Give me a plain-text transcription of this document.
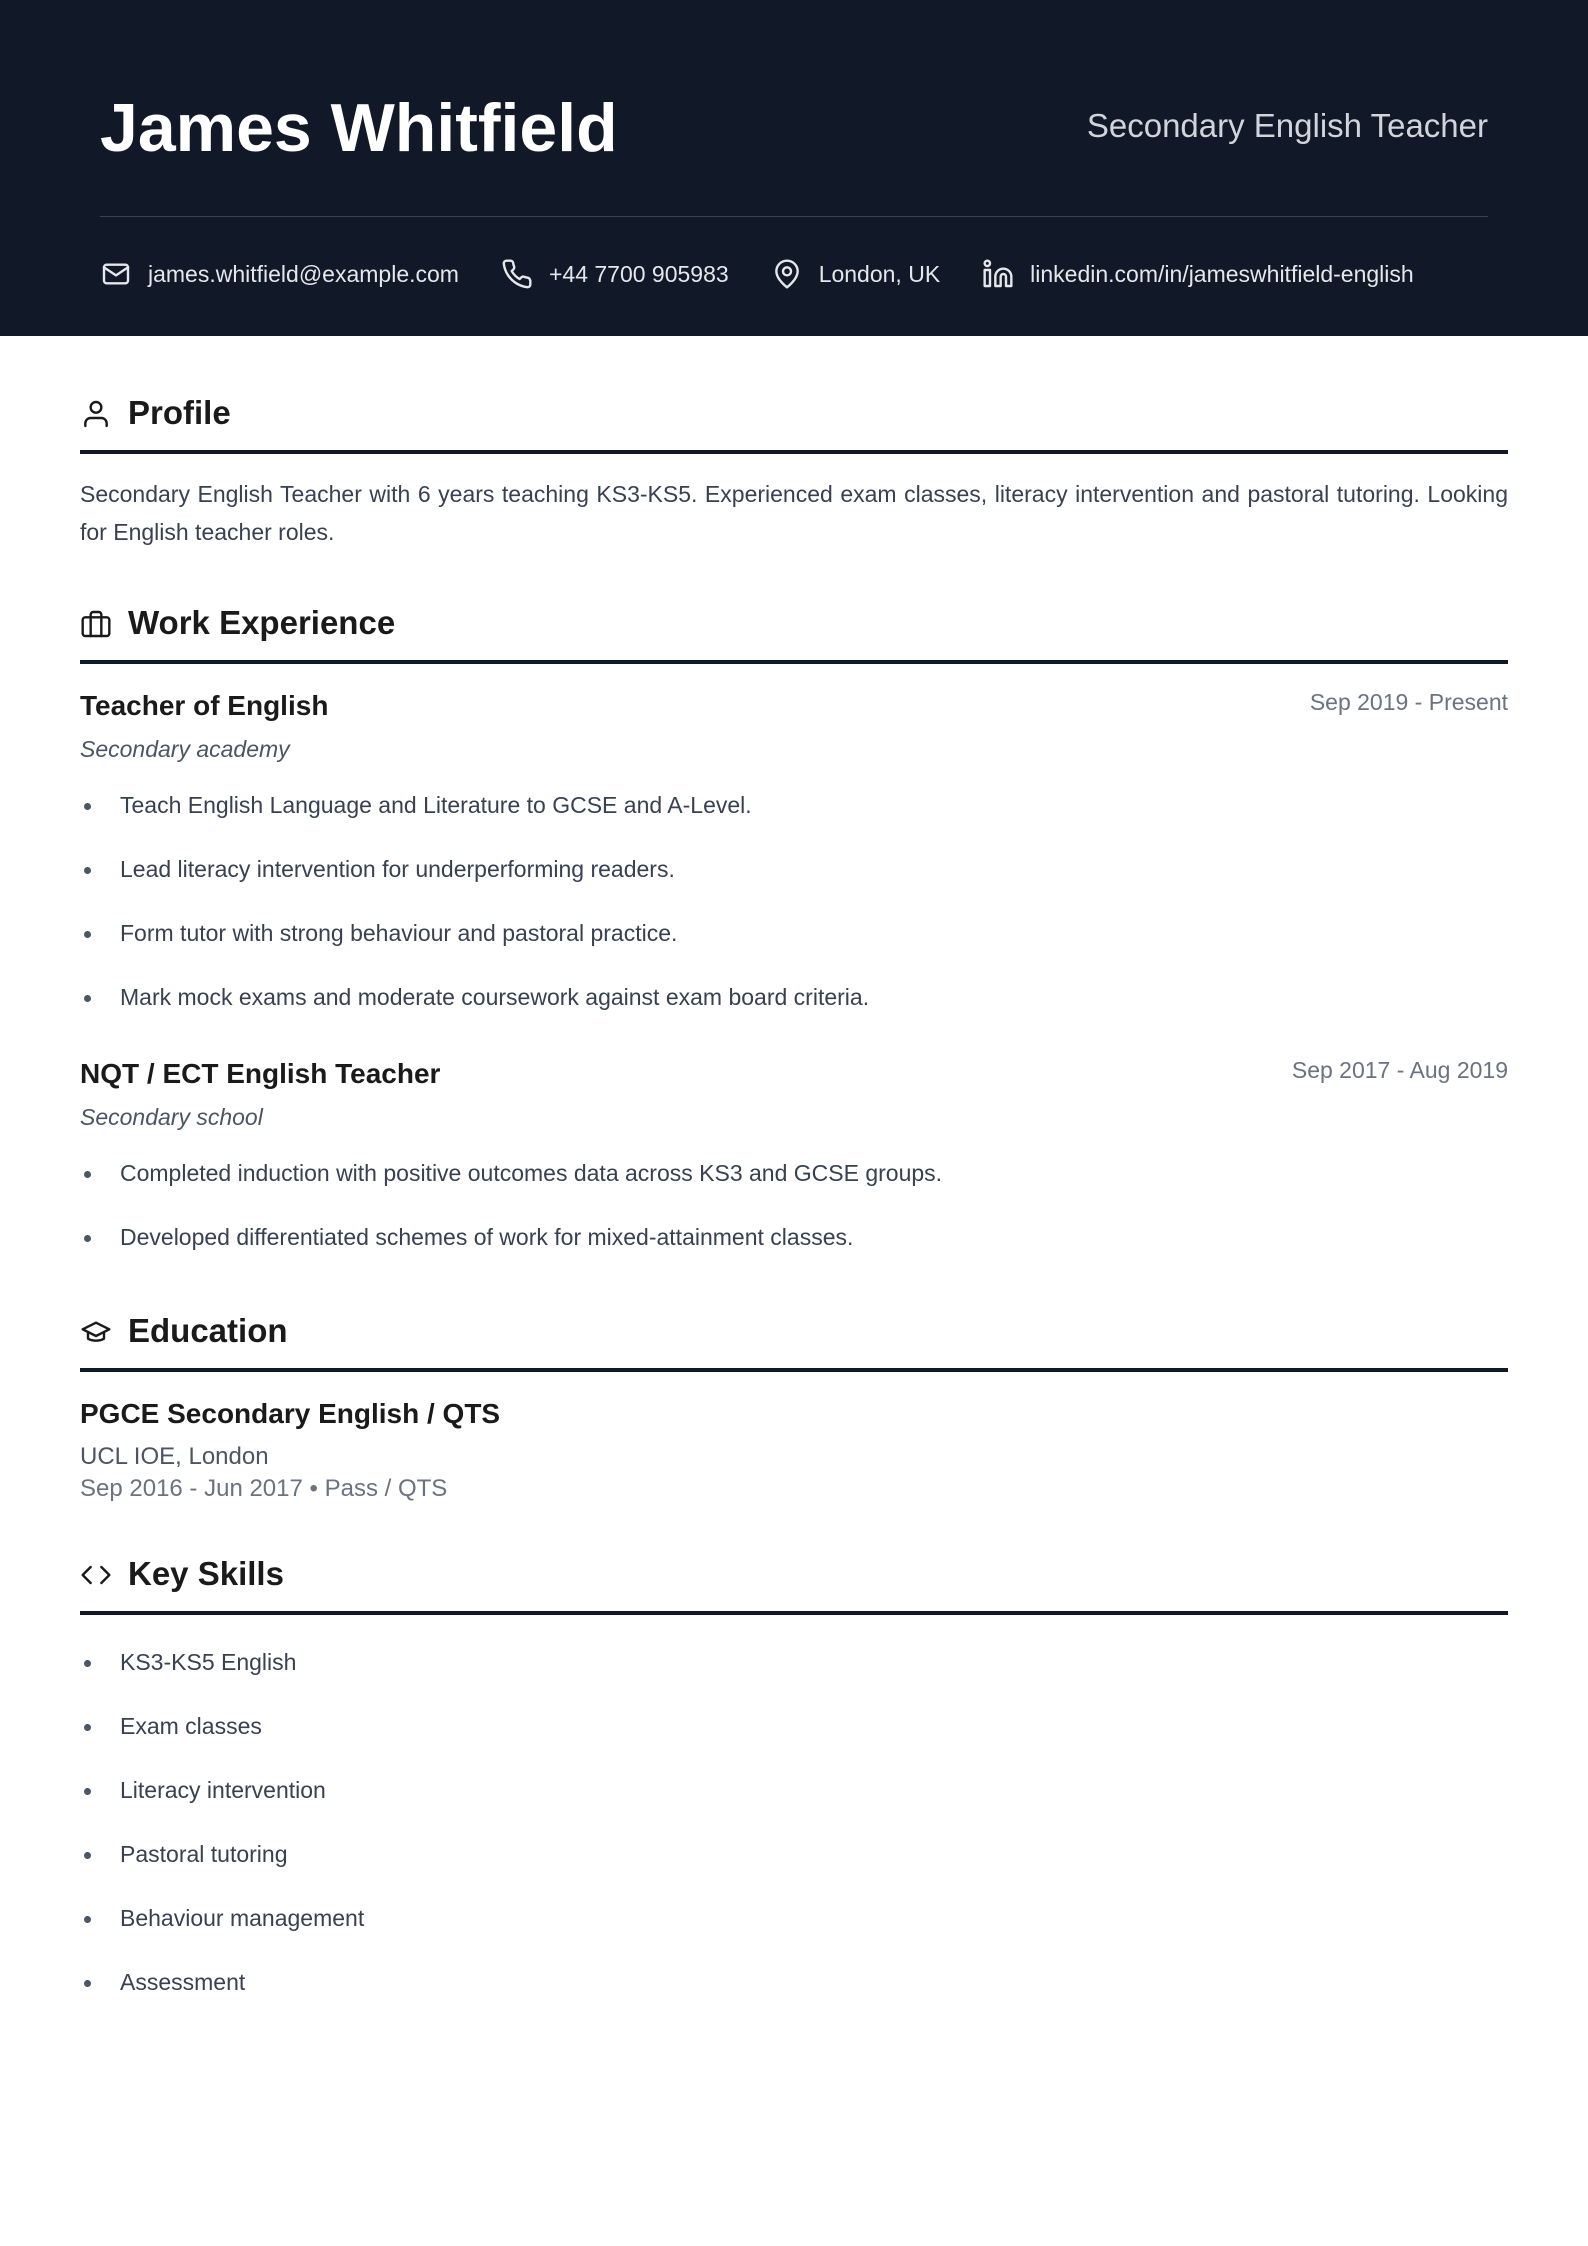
James Whitfield	Secondary English Teacher
james.whitfield@example.com	+44 7700 905983	London, UK	linkedin.com/in/jameswhitfield-english
Profile

Secondary English Teacher with 6 years teaching KS3-KS5. Experienced exam classes, literacy intervention and pastoral tutoring. Looking for English teacher roles.

Work Experience
Teacher of English	Sep 2019 - Present
Secondary academy
Teach English Language and Literature to GCSE and A-Level.
Lead literacy intervention for underperforming readers.
Form tutor with strong behaviour and pastoral practice.
Mark mock exams and moderate coursework against exam board criteria.
NQT / ECT English Teacher	Sep 2017 - Aug 2019
Secondary school
Completed induction with positive outcomes data across KS3 and GCSE groups.
Developed differentiated schemes of work for mixed-attainment classes.
Education
PGCE Secondary English / QTS
UCL IOE, London
Sep 2016 - Jun 2017 • Pass / QTS
Key Skills
KS3-KS5 English
Exam classes
Literacy intervention
Pastoral tutoring
Behaviour management
Assessment
